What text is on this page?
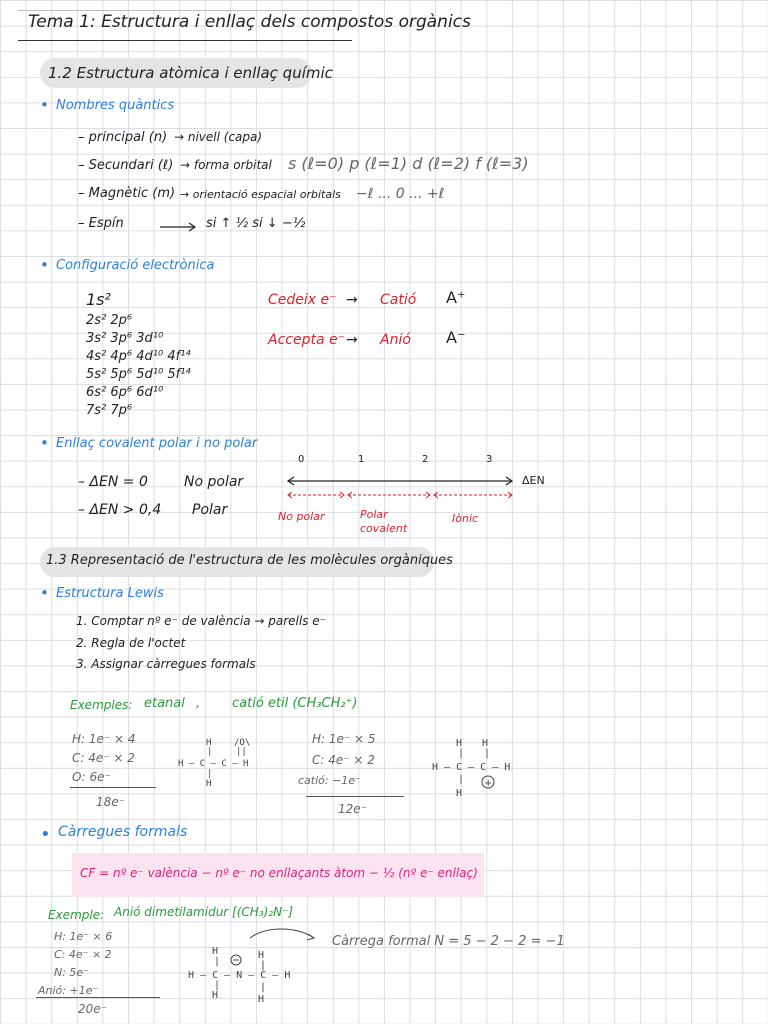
Tema 1: Estructura i enllaç dels compostos orgànics
1.2 Estructura atòmica i enllaç químic
• Nombres quàntics
– principal (n) → nivell (capa)
– Secundari (ℓ) → forma orbital s (ℓ=0) p (ℓ=1) d (ℓ=2) f (ℓ=3)
– Magnètic (m) → orientació espacial orbitals −ℓ ... 0 ... +ℓ
– Espín	si ↑ ½ si ↓ −½
• Configuració electrònica
1s²
2s² 2p⁶
3s² 3p⁶ 3d¹⁰
4s² 4p⁶ 4d¹⁰ 4f¹⁴
5s² 5p⁶ 5d¹⁰ 5f¹⁴
6s² 6p⁶ 6d¹⁰
7s² 7p⁶
Cedeix e⁻ → Catió A⁺
Accepta e⁻ → Anió A⁻
• Enllaç covalent polar i no polar
– ΔEN = 0	No polar
– ΔEN > 0,4 Polar
0	1	2	3
ΔEN
No polar	Polar
covalent
Iònic
1.3 Representació de l'estructura de les molècules orgàniques
• Estructura Lewis
1. Comptar nº e⁻ de valència → parells e⁻
2. Regla de l'octet
3. Assignar càrregues formals
Exemples: etanal , catió etil (CH₃CH₂⁺)
H: 1e⁻ × 4
C: 4e⁻ × 2
O: 6e⁻
18e⁻
H	/O\
|	||
H – C – C – H
|
H
H: 1e⁻ × 5
C: 4e⁻ × 2
catió: −1e⁻
12e⁻
H H
| |
H – C – C – H
|
H
+
• Càrregues formals
CF = nº e⁻ valència − nº e⁻ no enllaçants àtom − ½ (nº e⁻ enllaç)
Exemple: Anió dimetilamidur [(CH₃)₂N⁻]
H: 1e⁻ × 6
C: 4e⁻ × 2
N: 5e⁻
Anió: +1e⁻
20e⁻
H	H
|	|
H – C – N – C – H
|	|
H	H
Càrrega formal N = 5 − 2 − 2 = −1
